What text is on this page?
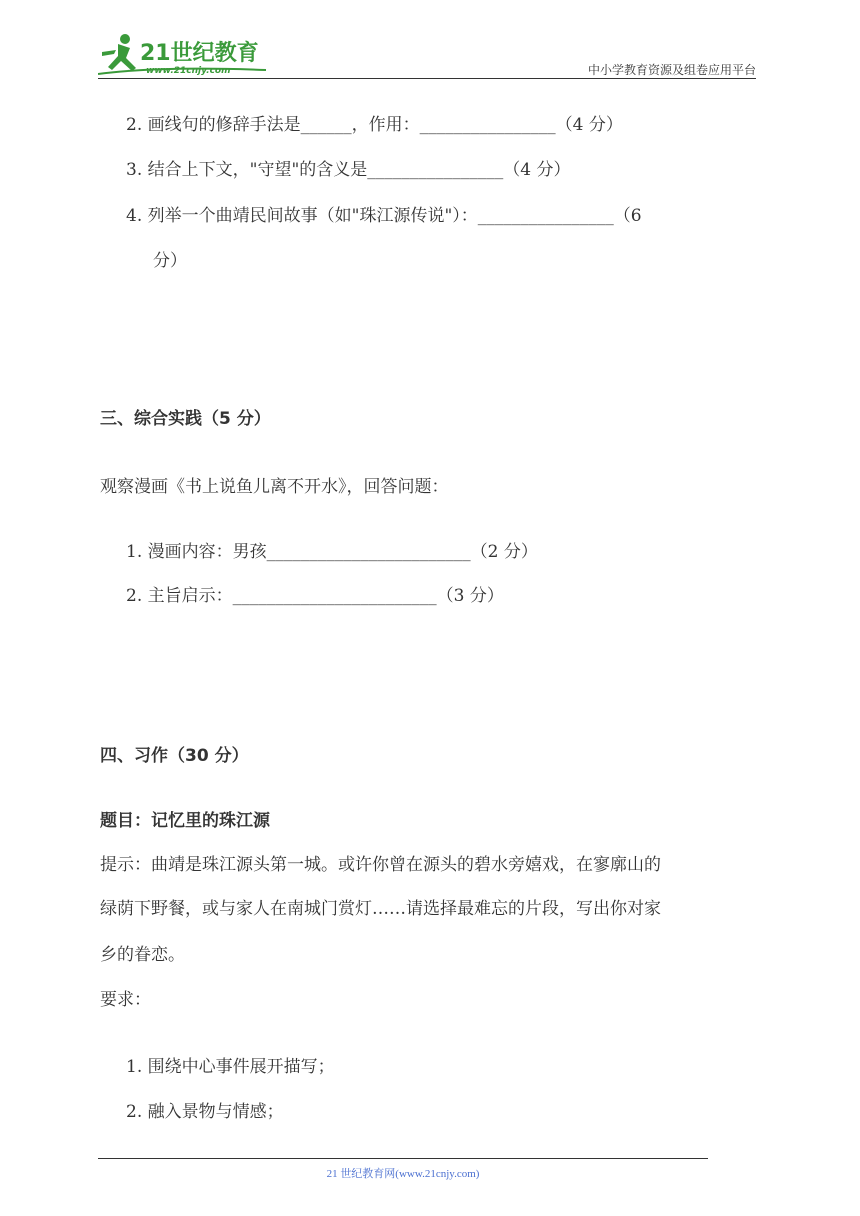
21世纪教育
www.21cnjy.com	中小学教育资源及组卷应用平台
2. 画线句的修辞手法是______，作用：________________（4 分）
3. 结合上下文，"守望"的含义是________________（4 分）
4. 列举一个曲靖民间故事（如"珠江源传说"）：________________（6
分）
三、综合实践（5 分）
观察漫画《书上说鱼儿离不开水》，回答问题：
1. 漫画内容：男孩________________________（2 分）
2. 主旨启示：________________________（3 分）
四、习作（30 分）
题目：记忆里的珠江源
提示：曲靖是珠江源头第一城。或许你曾在源头的碧水旁嬉戏，在寥廓山的
绿荫下野餐，或与家人在南城门赏灯……请选择最难忘的片段，写出你对家
乡的眷恋。
要求：
1. 围绕中心事件展开描写；
2. 融入景物与情感；
21 世纪教育网(www.21cnjy.com)
